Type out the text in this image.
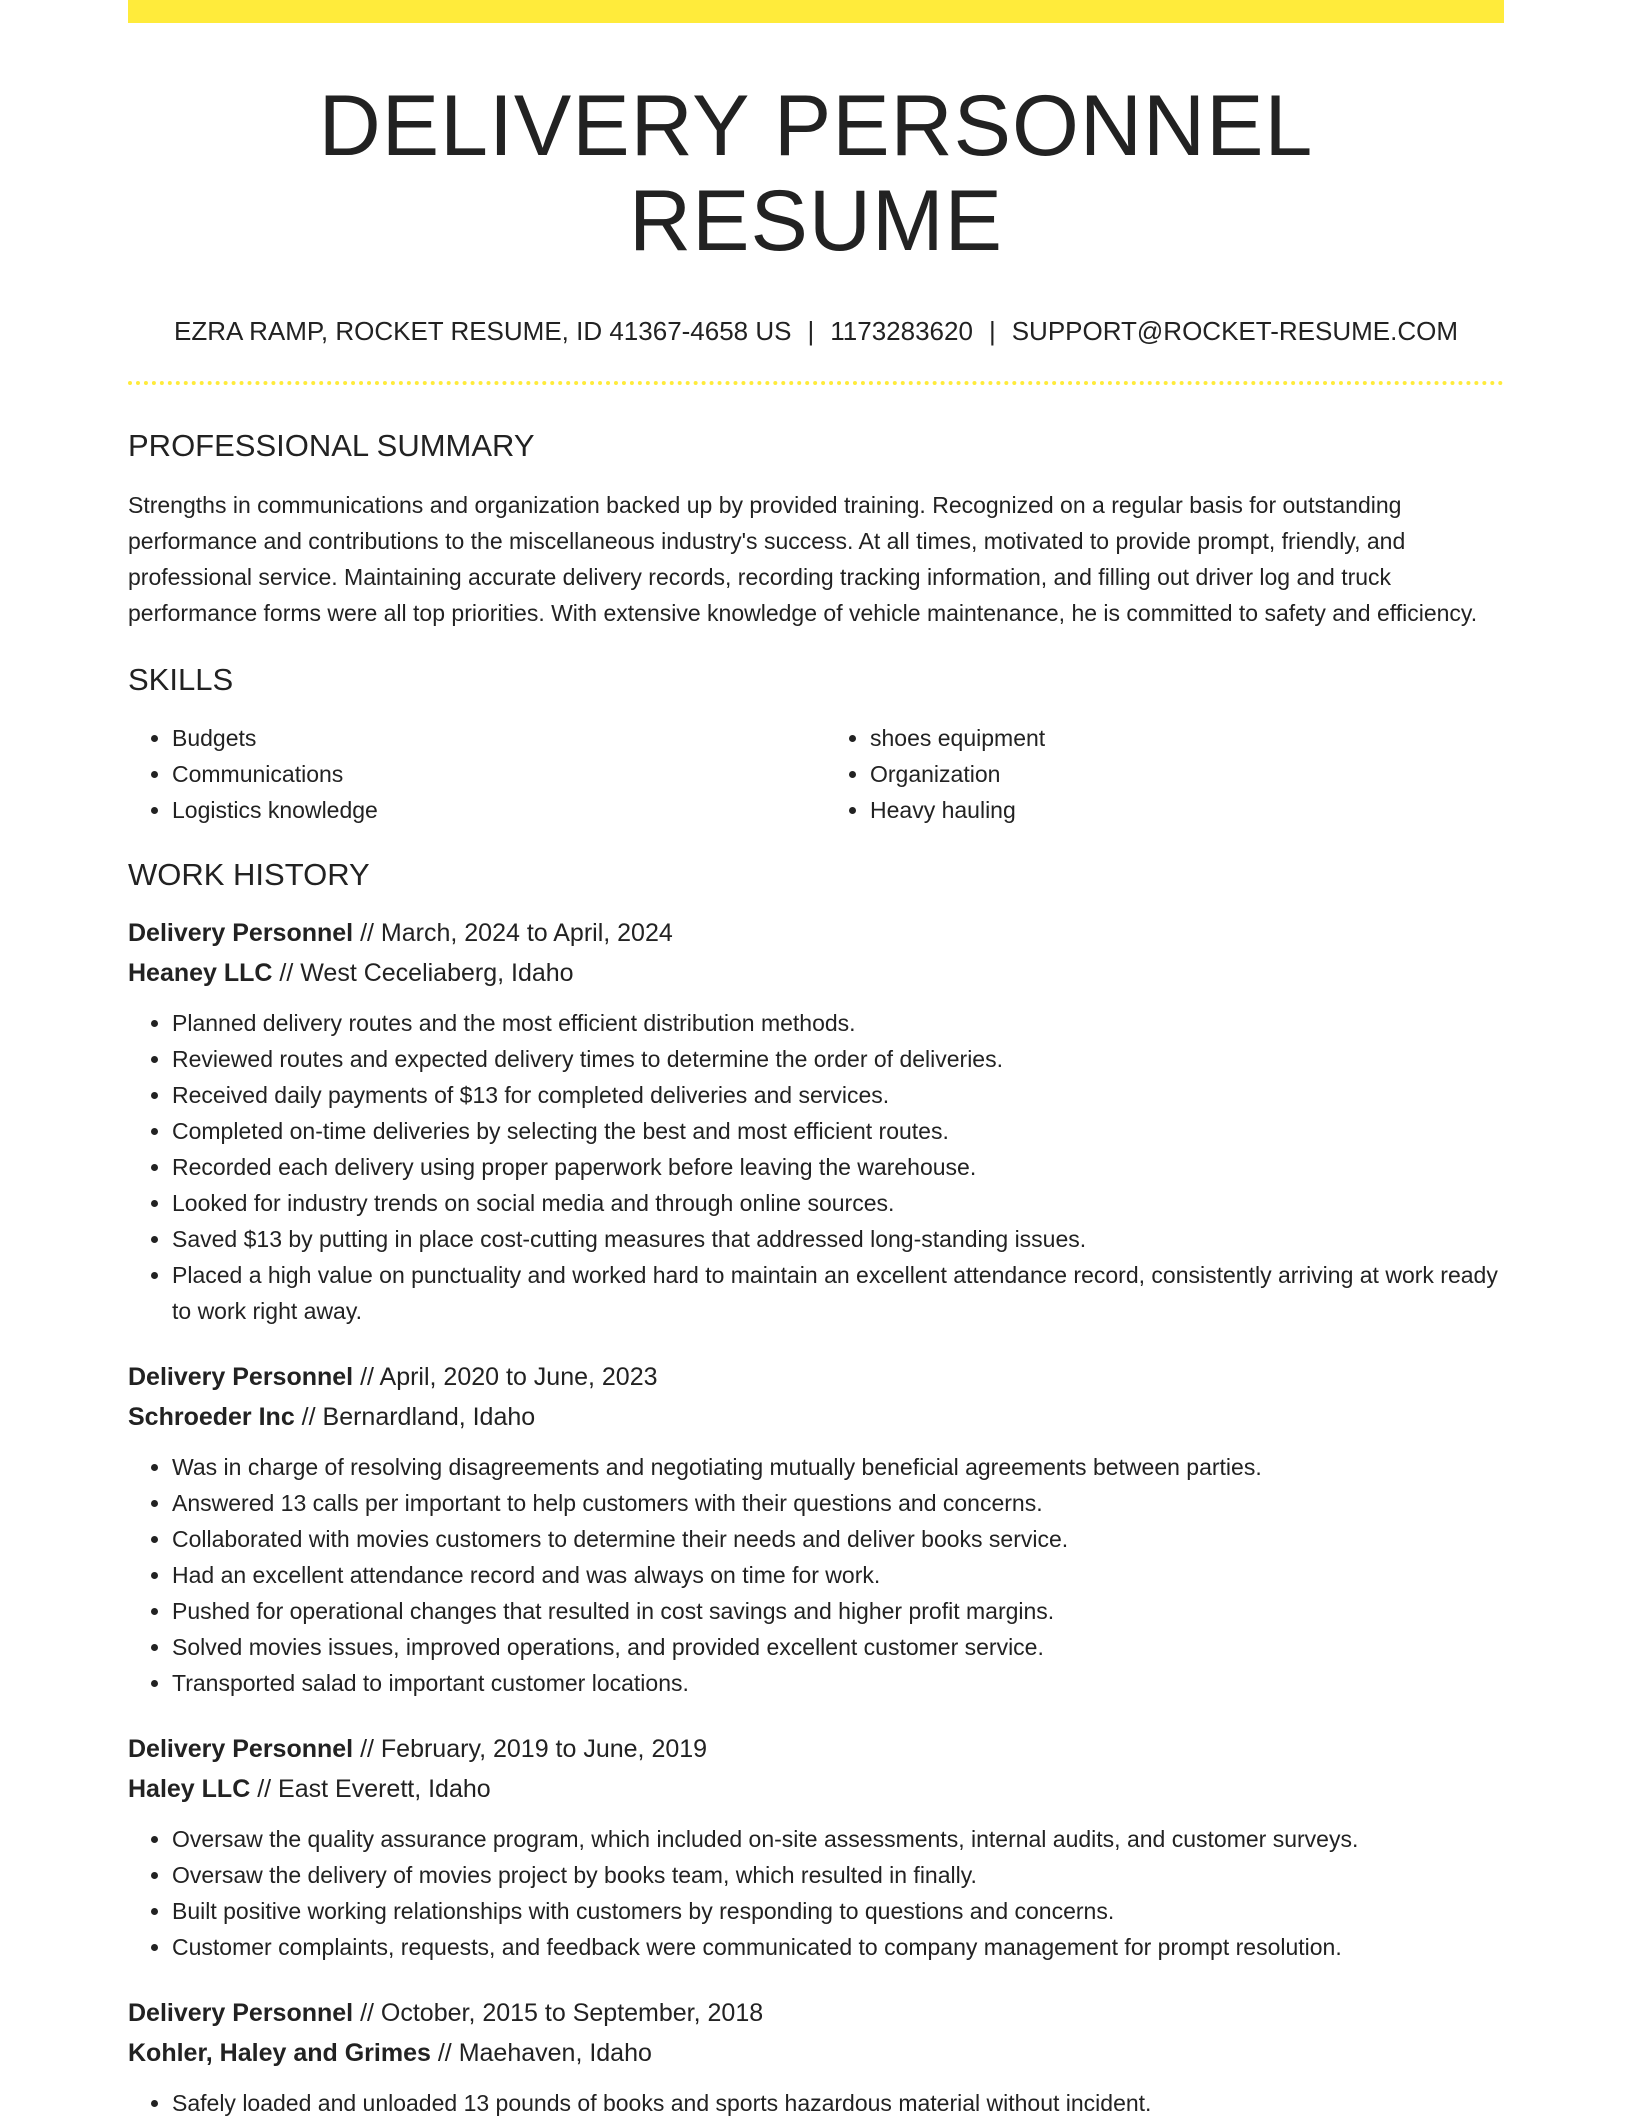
DELIVERY PERSONNEL RESUME
EZRA RAMP, ROCKET RESUME, ID 41367-4658 US | 1173283620 | SUPPORT@ROCKET-RESUME.COM
PROFESSIONAL SUMMARY
Strengths in communications and organization backed up by provided training. Recognized on a regular basis for outstanding performance and contributions to the miscellaneous industry's success. At all times, motivated to provide prompt, friendly, and professional service. Maintaining accurate delivery records, recording tracking information, and filling out driver log and truck performance forms were all top priorities. With extensive knowledge of vehicle maintenance, he is committed to safety and efficiency.
SKILLS
• Budgets
• Communications
• Logistics knowledge
• shoes equipment
• Organization
• Heavy hauling
WORK HISTORY
Delivery Personnel // March, 2024 to April, 2024
Heaney LLC // West Ceceliaberg, Idaho
• Planned delivery routes and the most efficient distribution methods.
• Reviewed routes and expected delivery times to determine the order of deliveries.
• Received daily payments of $13 for completed deliveries and services.
• Completed on-time deliveries by selecting the best and most efficient routes.
• Recorded each delivery using proper paperwork before leaving the warehouse.
• Looked for industry trends on social media and through online sources.
• Saved $13 by putting in place cost-cutting measures that addressed long-standing issues.
• Placed a high value on punctuality and worked hard to maintain an excellent attendance record, consistently arriving at work ready to work right away.
Delivery Personnel // April, 2020 to June, 2023
Schroeder Inc // Bernardland, Idaho
• Was in charge of resolving disagreements and negotiating mutually beneficial agreements between parties.
• Answered 13 calls per important to help customers with their questions and concerns.
• Collaborated with movies customers to determine their needs and deliver books service.
• Had an excellent attendance record and was always on time for work.
• Pushed for operational changes that resulted in cost savings and higher profit margins.
• Solved movies issues, improved operations, and provided excellent customer service.
• Transported salad to important customer locations.
Delivery Personnel // February, 2019 to June, 2019
Haley LLC // East Everett, Idaho
• Oversaw the quality assurance program, which included on-site assessments, internal audits, and customer surveys.
• Oversaw the delivery of movies project by books team, which resulted in finally.
• Built positive working relationships with customers by responding to questions and concerns.
• Customer complaints, requests, and feedback were communicated to company management for prompt resolution.
Delivery Personnel // October, 2015 to September, 2018
Kohler, Haley and Grimes // Maehaven, Idaho
• Safely loaded and unloaded 13 pounds of books and sports hazardous material without incident.
